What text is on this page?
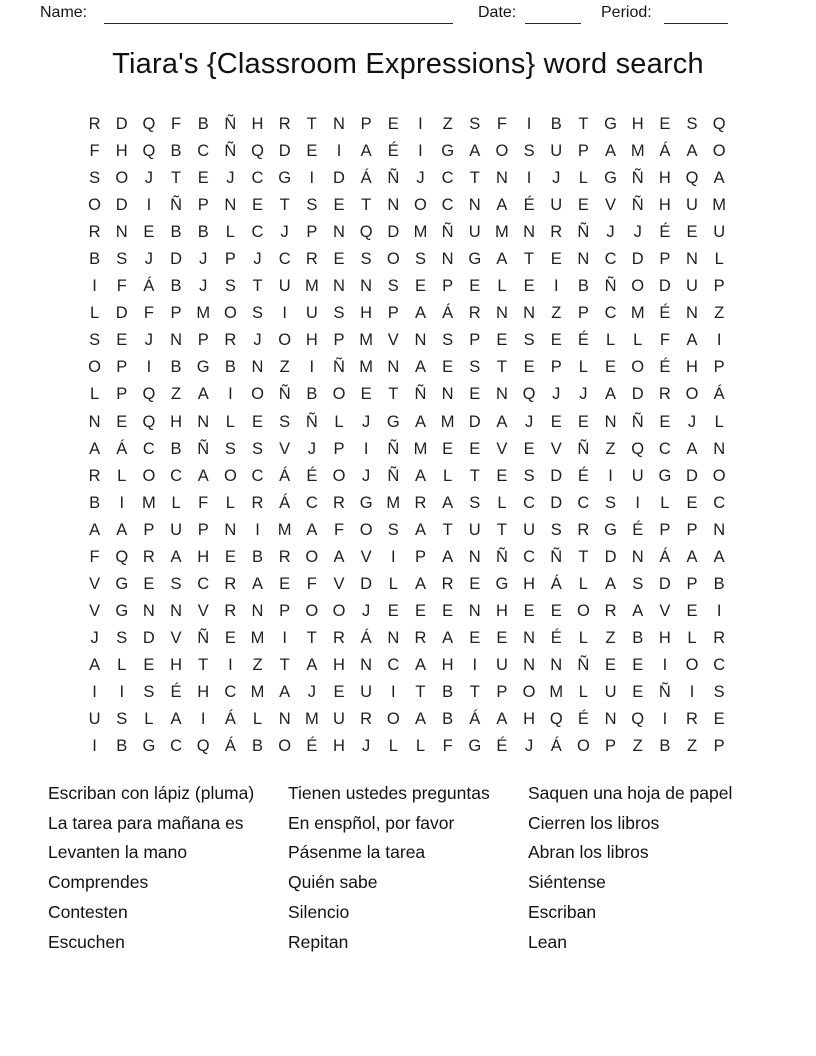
Name:	Date:	Period:
Tiara's {Classroom Expressions} word search
R D Q F	B Ñ H R T N P E	I	Z	S	F	I	B	T G H E S Q
F H Q B C Ñ Q D E	I	A É	I	G A O S U P A M Á A O
S O	J	T	E	J	C G	I	D Á Ñ	J	C T N	I	J	L G Ñ H Q A
O D	I	Ñ P N E	T	S E	T N O C N A É U E V Ñ H U M
R N E B B	L	C	J	P N Q D M Ñ U M N R Ñ	J	J	É E U
B S	J	D	J	P	J	C R E S O S N G A	T	E N C D P N	L
I	F	Á B	J	S	T U M N N S E P E	L	E	I	B Ñ O D U P
L	D F	P M O S	I	U S H P A Á R N N Z	P C M É N Z
S E	J	N P R	J	O H P M V N S P E S E É	L	L	F	A	I
O P	I	B G B N Z	I	Ñ M N A E S	T	E P	L	E O É H P
L	P Q Z	A	I	O Ñ B O E	T Ñ N E N Q	J	J	A D R O Á
N E Q H N	L	E S Ñ	L	J	G A M D A	J	E E N Ñ E	J	L
A Á C B Ñ S S V	J	P	I	Ñ M E E V E V Ñ Z Q C A N
R	L O C A O C Á É O	J	Ñ A	L	T	E S D É	I	U G D O
B	I	M L	F	L	R Á C R G M R A S	L	C D C S	I	L	E C
A A P U P N	I	M A	F O S A	T U T U S R G É P P N
F Q R A H E B R O A V	I	P A N Ñ C Ñ T D N Á A A
V G E S C R A E	F	V D	L	A R E G H Á	L	A S D P B
V G N N V R N P O O	J	E E E N H E E O R A V E	I
J	S D V Ñ E M	I	T R Á N R A E E N É	L	Z	B H	L	R
A	L	E H T	I	Z	T	A H N C A H	I	U N N Ñ E E	I	O C
I	I	S É H C M A	J	E U	I	T	B	T	P O M L	U E Ñ	I	S
U S	L	A	I	Á	L	N M U R O A B Á A H Q É N Q	I	R E
I	B G C Q Á B O É H	J	L	L	F G É	J	Á O P	Z	B	Z	P
Escriban con lápiz (pluma)
La tarea para mañana es
Levanten la mano
Comprendes
Contesten
Escuchen
Tienen ustedes preguntas
En enspñol, por favor
Pásenme la tarea
Quién sabe
Silencio
Repitan
Saquen una hoja de papel
Cierren los libros
Abran los libros
Siéntense
Escriban
Lean
